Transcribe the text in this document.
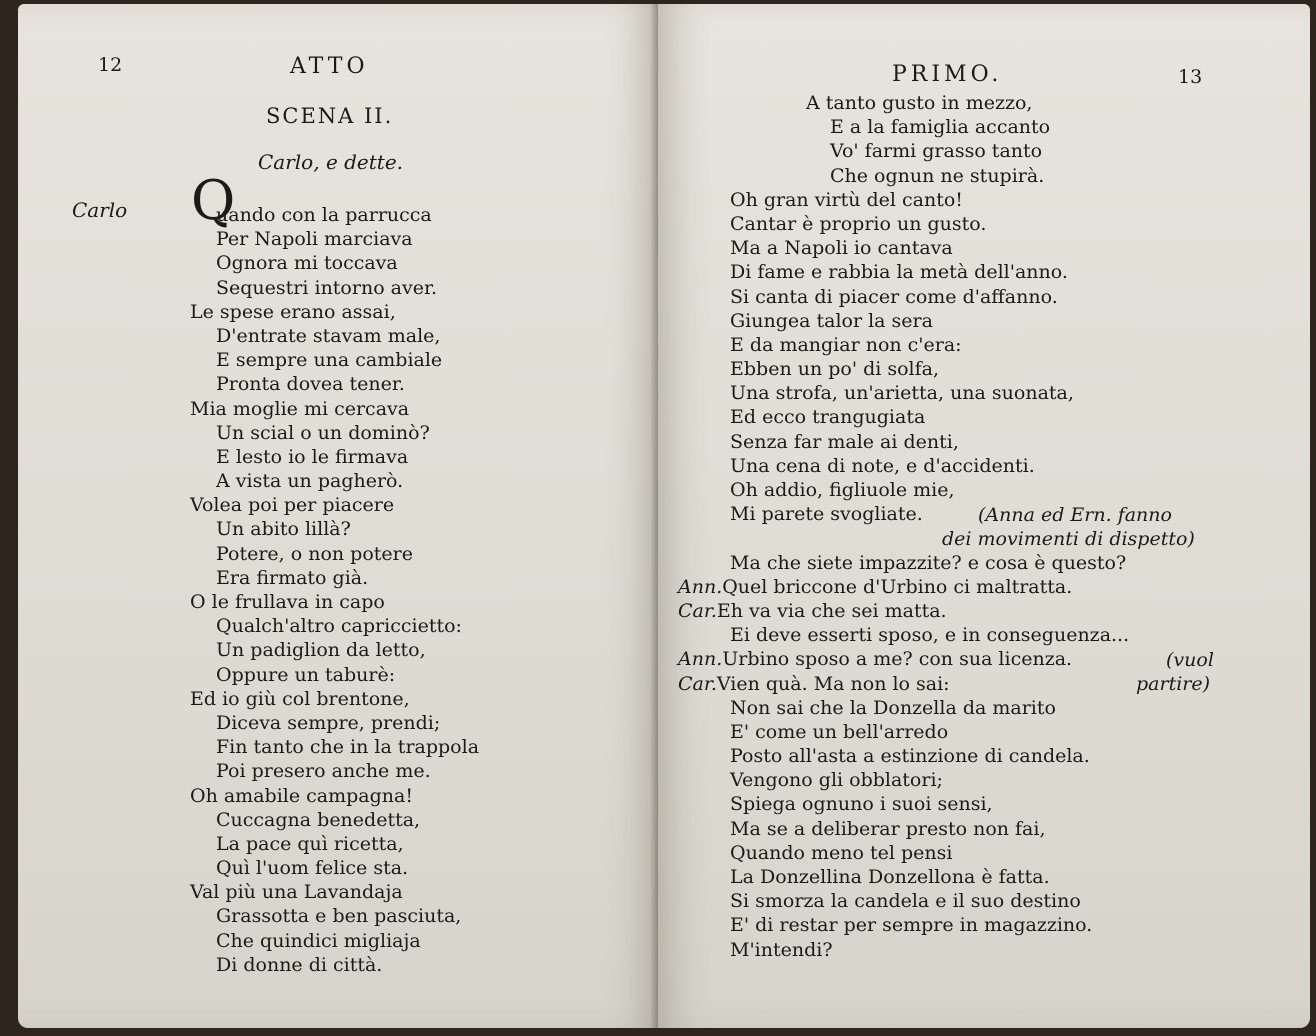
12	ATTO
SCENA II.
Carlo, e dette.
Carlo Q
uando con la parrucca
Per Napoli marciava
Ognora mi toccava
Sequestri intorno aver.
Le spese erano assai,
D'entrate stavam male,
E sempre una cambiale
Pronta dovea tener.
Mia moglie mi cercava
Un scial o un dominò?
E lesto io le firmava
A vista un pagherò.
Volea poi per piacere
Un abito lillà?
Potere, o non potere
Era firmato già.
O le frullava in capo
Qualch'altro capriccietto:
Un padiglion da letto,
Oppure un taburè:
Ed io giù col brentone,
Diceva sempre, prendi;
Fin tanto che in la trappola
Poi presero anche me.
Oh amabile campagna!
Cuccagna benedetta,
La pace quì ricetta,
Quì l'uom felice sta.
Val più una Lavandaja
Grassotta e ben pasciuta,
Che quindici migliaja
Di donne di città.
PRIMO.	13
A tanto gusto in mezzo,
E a la famiglia accanto
Vo' farmi grasso tanto
Che ognun ne stupirà.
Oh gran virtù del canto!
Cantar è proprio un gusto.
Ma a Napoli io cantava
Di fame e rabbia la metà dell'anno.
Si canta di piacer come d'affanno.
Giungea talor la sera
E da mangiar non c'era:
Ebben un po' di solfa,
Una strofa, un'arietta, una suonata,
Ed ecco trangugiata
Senza far male ai denti,
Una cena di note, e d'accidenti.
Oh addio, figliuole mie,
Mi parete svogliate.
Ma che siete impazzite? e cosa è questo?
Ann.Quel briccone d'Urbino ci maltratta.
Car.Eh va via che sei matta.
Ei deve esserti sposo, e in conseguenza...
Ann.Urbino sposo a me? con sua licenza.
Car.Vien quà. Ma non lo sai:
Non sai che la Donzella da marito
E' come un bell'arredo
Posto all'asta a estinzione di candela.
Vengono gli obblatori;
Spiega ognuno i suoi sensi,
Ma se a deliberar presto non fai,
Quando meno tel pensi
La Donzellina Donzellona è fatta.
Si smorza la candela e il suo destino
E' di restar per sempre in magazzino.
M'intendi?
(Anna ed Ern. fanno
dei movimenti di dispetto)
(vuol
partire)
